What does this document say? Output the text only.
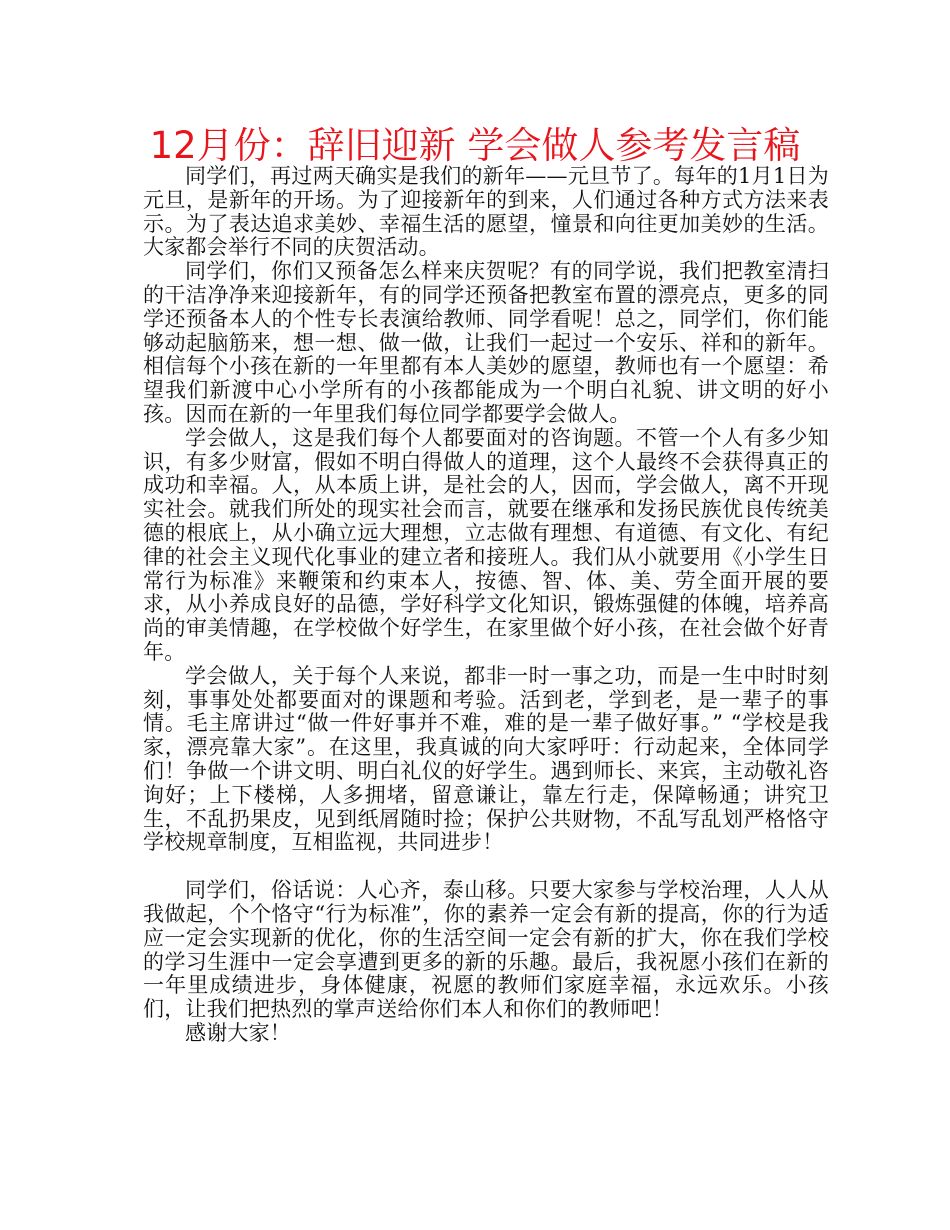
12月份：辞旧迎新 学会做人参考发言稿

同学们，再过两天确实是我们的新年——元旦节了。每年的1月1日为元旦，是新年的开场。为了迎接新年的到来，人们通过各种方式方法来表示。为了表达追求美妙、幸福生活的愿望，憧景和向往更加美妙的生活。大家都会举行不同的庆贺活动。

同学们，你们又预备怎么样来庆贺呢？有的同学说，我们把教室清扫的干洁净净来迎接新年，有的同学还预备把教室布置的漂亮点，更多的同学还预备本人的个性专长表演给教师、同学看呢！总之，同学们，你们能够动起脑筋来，想一想、做一做，让我们一起过一个安乐、祥和的新年。相信每个小孩在新的一年里都有本人美妙的愿望，教师也有一个愿望：希望我们新渡中心小学所有的小孩都能成为一个明白礼貌、讲文明的好小孩。因而在新的一年里我们每位同学都要学会做人。

学会做人，这是我们每个人都要面对的咨询题。不管一个人有多少知识，有多少财富，假如不明白得做人的道理，这个人最终不会获得真正的成功和幸福。人，从本质上讲，是社会的人，因而，学会做人，离不开现实社会。就我们所处的现实社会而言，就要在继承和发扬民族优良传统美德的根底上，从小确立远大理想，立志做有理想、有道德、有文化、有纪律的社会主义现代化事业的建立者和接班人。我们从小就要用《小学生日常行为标准》来鞭策和约束本人，按德、智、体、美、劳全面开展的要求，从小养成良好的品德，学好科学文化知识，锻炼强健的体魄，培养高尚的审美情趣，在学校做个好学生，在家里做个好小孩，在社会做个好青年。

学会做人，关于每个人来说，都非一时一事之功，而是一生中时时刻刻，事事处处都要面对的课题和考验。活到老，学到老，是一辈子的事情。毛主席讲过“做一件好事并不难，难的是一辈子做好事。” “学校是我家，漂亮靠大家”。在这里，我真诚的向大家呼吁：行动起来，全体同学们！争做一个讲文明、明白礼仪的好学生。遇到师长、来宾，主动敬礼咨询好；上下楼梯，人多拥堵，留意谦让，靠左行走，保障畅通；讲究卫生，不乱扔果皮，见到纸屑随时捡；保护公共财物，不乱写乱划严格恪守学校规章制度，互相监视，共同进步！

同学们，俗话说：人心齐，泰山移。只要大家参与学校治理，人人从我做起，个个恪守“行为标准”，你的素养一定会有新的提高，你的行为适应一定会实现新的优化，你的生活空间一定会有新的扩大，你在我们学校的学习生涯中一定会享遭到更多的新的乐趣。最后，我祝愿小孩们在新的一年里成绩进步，身体健康，祝愿的教师们家庭幸福，永远欢乐。小孩们，让我们把热烈的掌声送给你们本人和你们的教师吧！

感谢大家！
